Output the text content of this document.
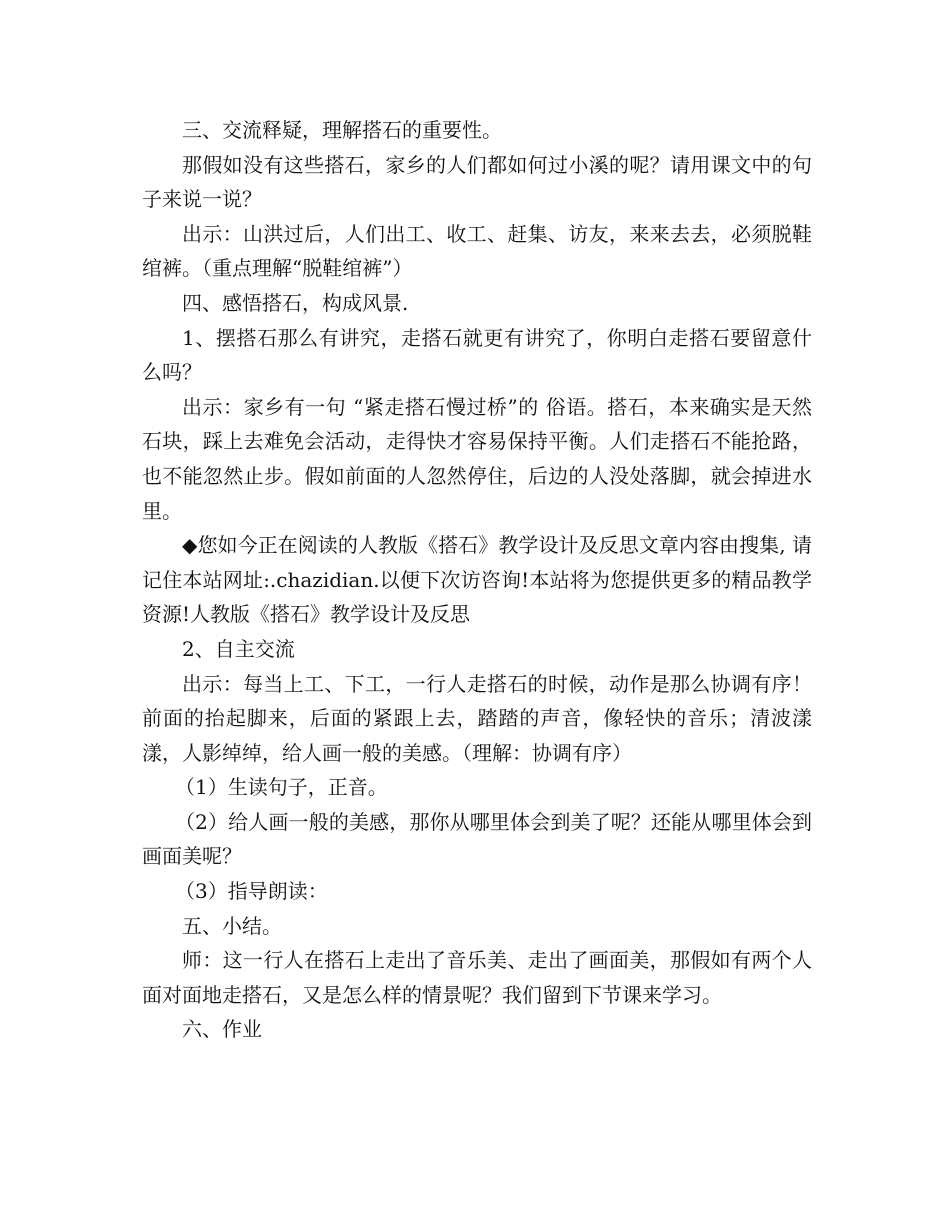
三、交流释疑，理解搭石的重要性。

那假如没有这些搭石，家乡的人们都如何过小溪的呢？请用课文中的句子来说一说？

出示：山洪过后，人们出工、收工、赶集、访友，来来去去，必须脱鞋绾裤。（重点理解“脱鞋绾裤”）

四、感悟搭石，构成风景.

1、摆搭石那么有讲究，走搭石就更有讲究了，你明白走搭石要留意什么吗？

出示：家乡有一句 “紧走搭石慢过桥”的 俗语。搭石，本来确实是天然石块，踩上去难免会活动，走得快才容易保持平衡。人们走搭石不能抢路，也不能忽然止步。假如前面的人忽然停住，后边的人没处落脚，就会掉进水里。

◆您如今正在阅读的人教版《搭石》教学设计及反思文章内容由搜集, 请记住本站网址:.chazidian.以便下次访咨询!本站将为您提供更多的精品教学资源!人教版《搭石》教学设计及反思

2、自主交流

出示：每当上工、下工，一行人走搭石的时候，动作是那么协调有序！前面的抬起脚来，后面的紧跟上去，踏踏的声音，像轻快的音乐；清波漾漾，人影绰绰，给人画一般的美感。（理解：协调有序）

（1）生读句子，正音。

（2）给人画一般的美感，那你从哪里体会到美了呢？还能从哪里体会到画面美呢？

（3）指导朗读：

五、小结。

师：这一行人在搭石上走出了音乐美、走出了画面美，那假如有两个人面对面地走搭石，又是怎么样的情景呢？我们留到下节课来学习。

六、作业
